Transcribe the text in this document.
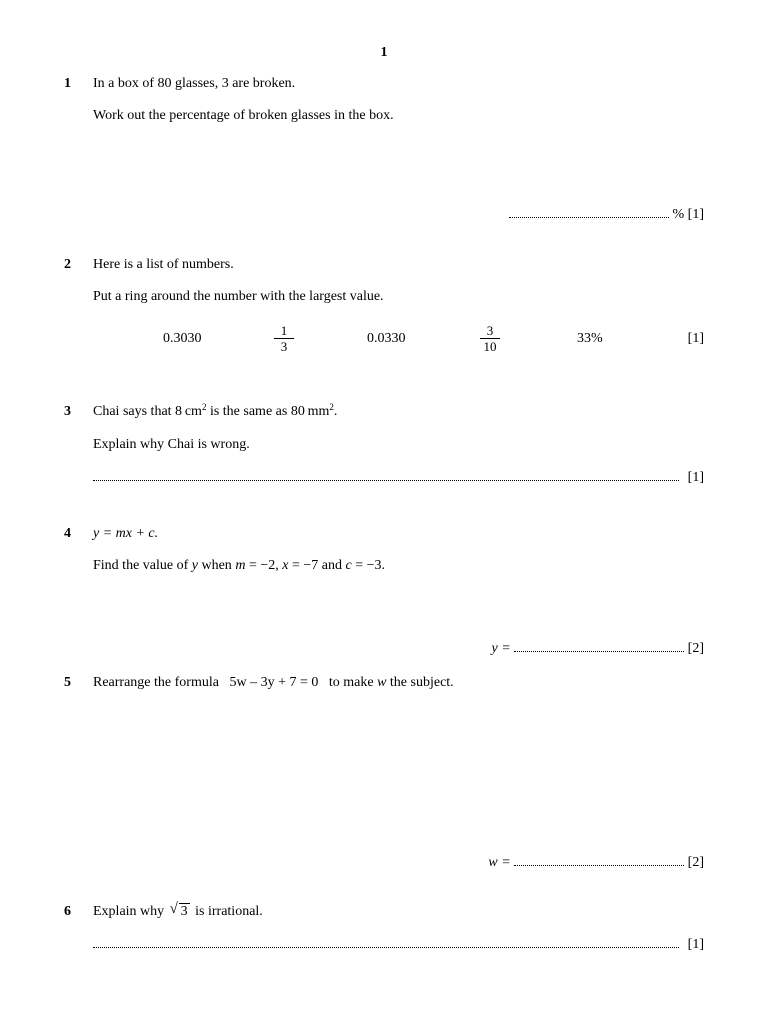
1
1 In a box of 80 glasses, 3 are broken.
Work out the percentage of broken glasses in the box.
% [1]
2 Here is a list of numbers.
Put a ring around the number with the largest value.
0.3030
1
3
0.0330
3
10
33%	[1]
3 Chai says that 8 $cm^2$ is the same as 80 $mm^2$.
Explain why Chai is wrong.
[1]
4 y = mx + c.
Find the value of y when m = −2, x = −7 and c = −3.
y =	[2]
5 Rearrange the formula 5w – 3y + 7 = 0 to make w the subject.
w =	[2]
6 Explain why √ 3 is irrational.
[1]
